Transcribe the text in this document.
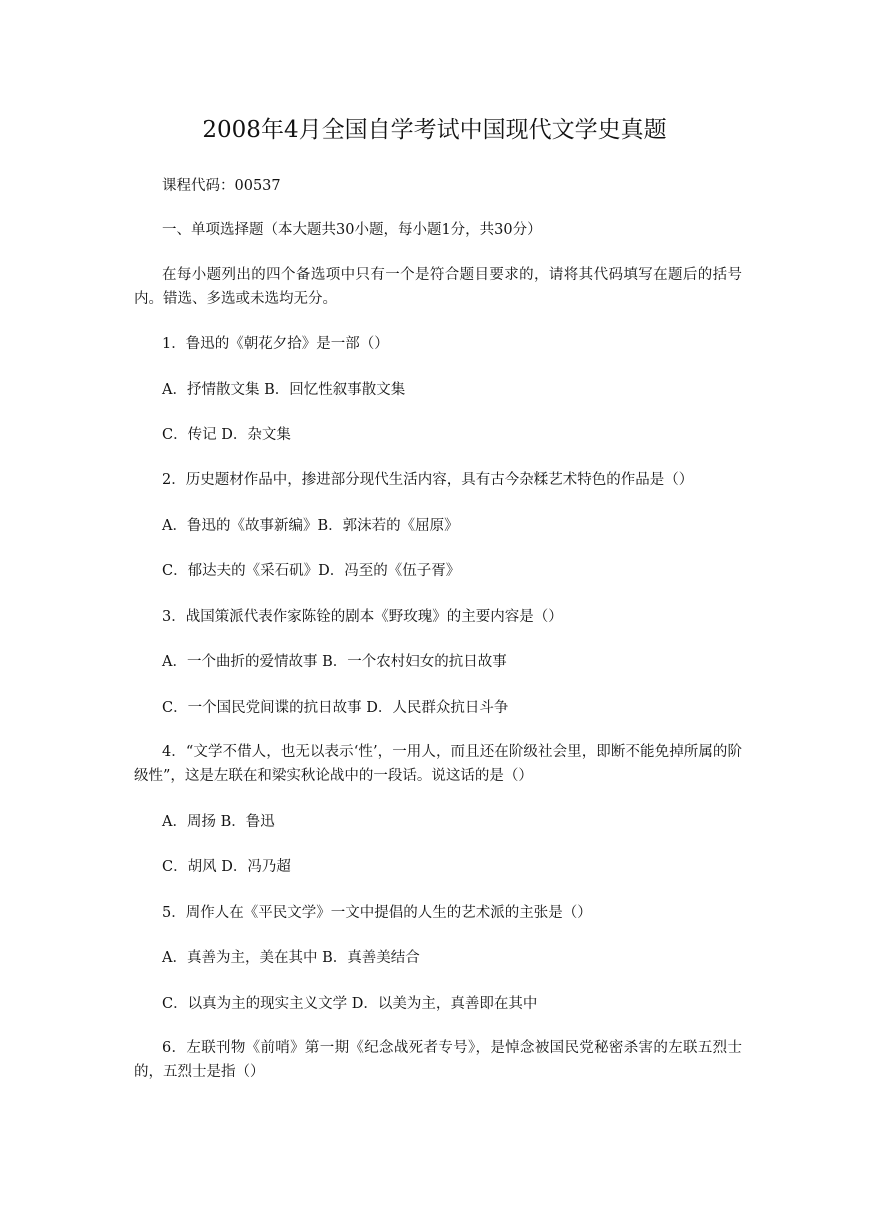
2008年4月全国自学考试中国现代文学史真题
课程代码：00537
一、单项选择题（本大题共30小题，每小题1分，共30分）
在每小题列出的四个备选项中只有一个是符合题目要求的，请将其代码填写在题后的括号内。错选、多选或未选均无分。
1．鲁迅的《朝花夕拾》是一部（）
A．抒情散文集 B．回忆性叙事散文集
C．传记 D．杂文集
2．历史题材作品中，掺进部分现代生活内容，具有古今杂糅艺术特色的作品是（）
A．鲁迅的《故事新编》B．郭沫若的《屈原》
C．郁达夫的《采石矶》D．冯至的《伍子胥》
3．战国策派代表作家陈铨的剧本《野玫瑰》的主要内容是（）
A．一个曲折的爱情故事 B．一个农村妇女的抗日故事
C．一个国民党间谍的抗日故事 D．人民群众抗日斗争
4．“文学不借人，也无以表示‘性’，一用人，而且还在阶级社会里，即断不能免掉所属的阶级性”，这是左联在和梁实秋论战中的一段话。说这话的是（）
A．周扬 B．鲁迅
C．胡风 D．冯乃超
5．周作人在《平民文学》一文中提倡的人生的艺术派的主张是（）
A．真善为主，美在其中 B．真善美结合
C．以真为主的现实主义文学 D．以美为主，真善即在其中
6．左联刊物《前哨》第一期《纪念战死者专号》，是悼念被国民党秘密杀害的左联五烈士的，五烈士是指（）
